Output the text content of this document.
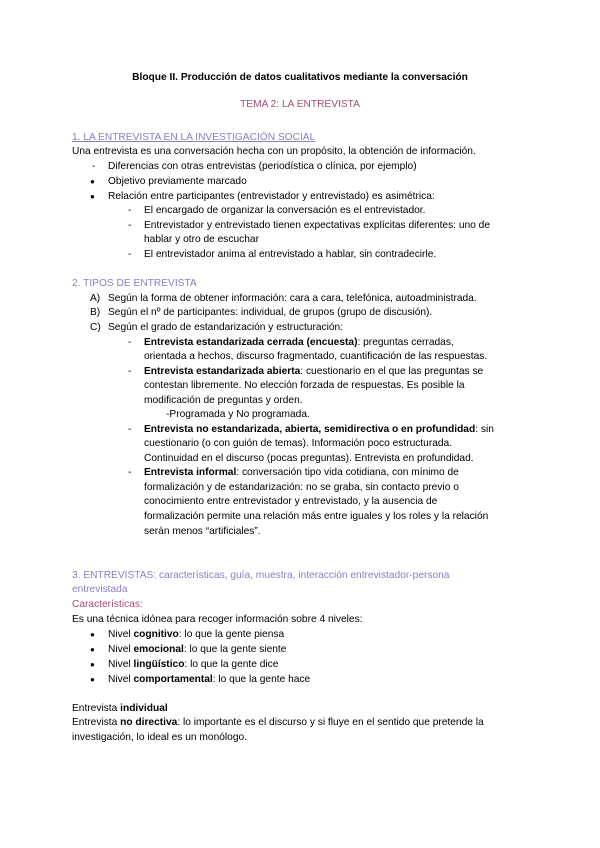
Bloque II. Producción de datos cualitativos mediante la conversación
TEMA 2: LA ENTREVISTA
1. LA ENTREVISTA EN LA INVESTIGACIÓN SOCIAL
Una entrevista es una conversación hecha con un propósito, la obtención de información.
- Diferencias con otras entrevistas (periodística o clínica, por ejemplo)
● Objetivo previamente marcado
● Relación entre participantes (entrevistador y entrevistado) es asimétrica:
- El encargado de organizar la conversación es el entrevistador.
- Entrevistador y entrevistado tienen expectativas explícitas diferentes: uno de
hablar y otro de escuchar
- El entrevistador anima al entrevistado a hablar, sin contradecirle.
2. TIPOS DE ENTREVISTA
A) Según la forma de obtener información: cara a cara, telefónica, autoadministrada.
B) Según el nº de participantes: individual, de grupos (grupo de discusión).
C) Según el grado de estandarización y estructuración:
- Entrevista estandarizada cerrada (encuesta): preguntas cerradas,
orientada a hechos, discurso fragmentado, cuantificación de las respuestas.
- Entrevista estandarizada abierta: cuestionario en el que las preguntas se
contestan libremente. No elección forzada de respuestas. Es posible la
modificación de preguntas y orden.
-Programada y No programada.
- Entrevista no estandarizada, abierta, semidirectiva o en profundidad: sin
cuestionario (o con guión de temas). Información poco estructurada.
Continuidad en el discurso (pocas preguntas). Entrevista en profundidad.
- Entrevista informal: conversación tipo vida cotidiana, con mínimo de
formalización y de estandarización: no se graba, sin contacto previo o
conocimiento entre entrevistador y entrevistado, y la ausencia de
formalización permite una relación más entre iguales y los roles y la relación
serán menos “artificiales”.
3. ENTREVISTAS: características, guía, muestra, interacción entrevistador-persona
entrevistada
Características:
Es una técnica idónea para recoger información sobre 4 niveles:
● Nivel cognitivo: lo que la gente piensa
● Nivel emocional: lo que la gente siente
● Nivel lingüístico: lo que la gente dice
● Nivel comportamental: lo que la gente hace
Entrevista individual
Entrevista no directiva: lo importante es el discurso y si fluye en el sentido que pretende la
investigación, lo ideal es un monólogo.
